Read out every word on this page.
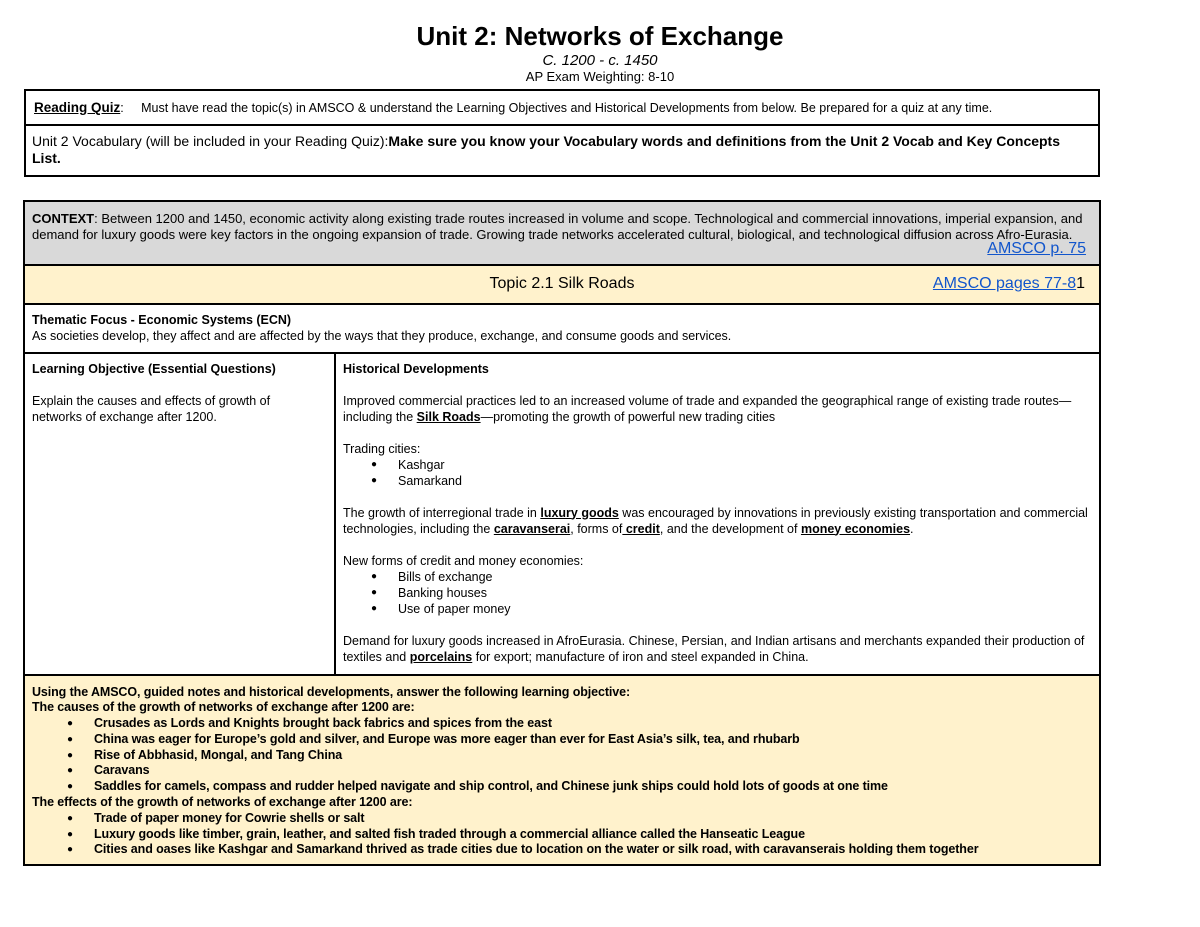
Unit 2: Networks of Exchange
C. 1200 - c. 1450
AP Exam Weighting: 8-10
Reading Quiz: Must have read the topic(s) in AMSCO & understand the Learning Objectives and Historical Developments from below. Be prepared for a quiz at any time.
Unit 2 Vocabulary (will be included in your Reading Quiz):Make sure you know your Vocabulary words and definitions from the Unit 2 Vocab and Key Concepts List.
CONTEXT: Between 1200 and 1450, economic activity along existing trade routes increased in volume and scope. Technological and commercial innovations, imperial expansion, and demand for luxury goods were key factors in the ongoing expansion of trade. Growing trade networks accelerated cultural, biological, and technological diffusion across Afro-Eurasia.
AMSCO p. 75

Topic 2.1 Silk Roads	AMSCO pages 77-81

Thematic Focus - Economic Systems (ECN)
As societies develop, they affect and are affected by the ways that they produce, exchange, and consume goods and services.
Learning Objective (Essential Questions)

Explain the causes and effects of growth of networks of exchange after 1200.

	Historical Developments

Improved commercial practices led to an increased volume of trade and expanded the geographical range of existing trade routes— including the Silk Roads—promoting the growth of powerful new trading cities

Trading cities:

● Kashgar
● Samarkand

The growth of interregional trade in luxury goods was encouraged by innovations in previously existing transportation and commercial technologies, including the caravanserai, forms of credit, and the development of money economies.

New forms of credit and money economies:

● Bills of exchange
● Banking houses
● Use of paper money

Demand for luxury goods increased in AfroEurasia. Chinese, Persian, and Indian artisans and merchants expanded their production of textiles and porcelains for export; manufacture of iron and steel expanded in China.

Using the AMSCO, guided notes and historical developments, answer the following learning objective:

The causes of the growth of networks of exchange after 1200 are:

● Crusades as Lords and Knights brought back fabrics and spices from the east
● China was eager for Europe’s gold and silver, and Europe was more eager than ever for East Asia’s silk, tea, and rhubarb
● Rise of Abbhasid, Mongal, and Tang China
● Caravans
● Saddles for camels, compass and rudder helped navigate and ship control, and Chinese junk ships could hold lots of goods at one time

The effects of the growth of networks of exchange after 1200 are:

● Trade of paper money for Cowrie shells or salt
● Luxury goods like timber, grain, leather, and salted fish traded through a commercial alliance called the Hanseatic League
● Cities and oases like Kashgar and Samarkand thrived as trade cities due to location on the water or silk road, with caravanserais holding them together
